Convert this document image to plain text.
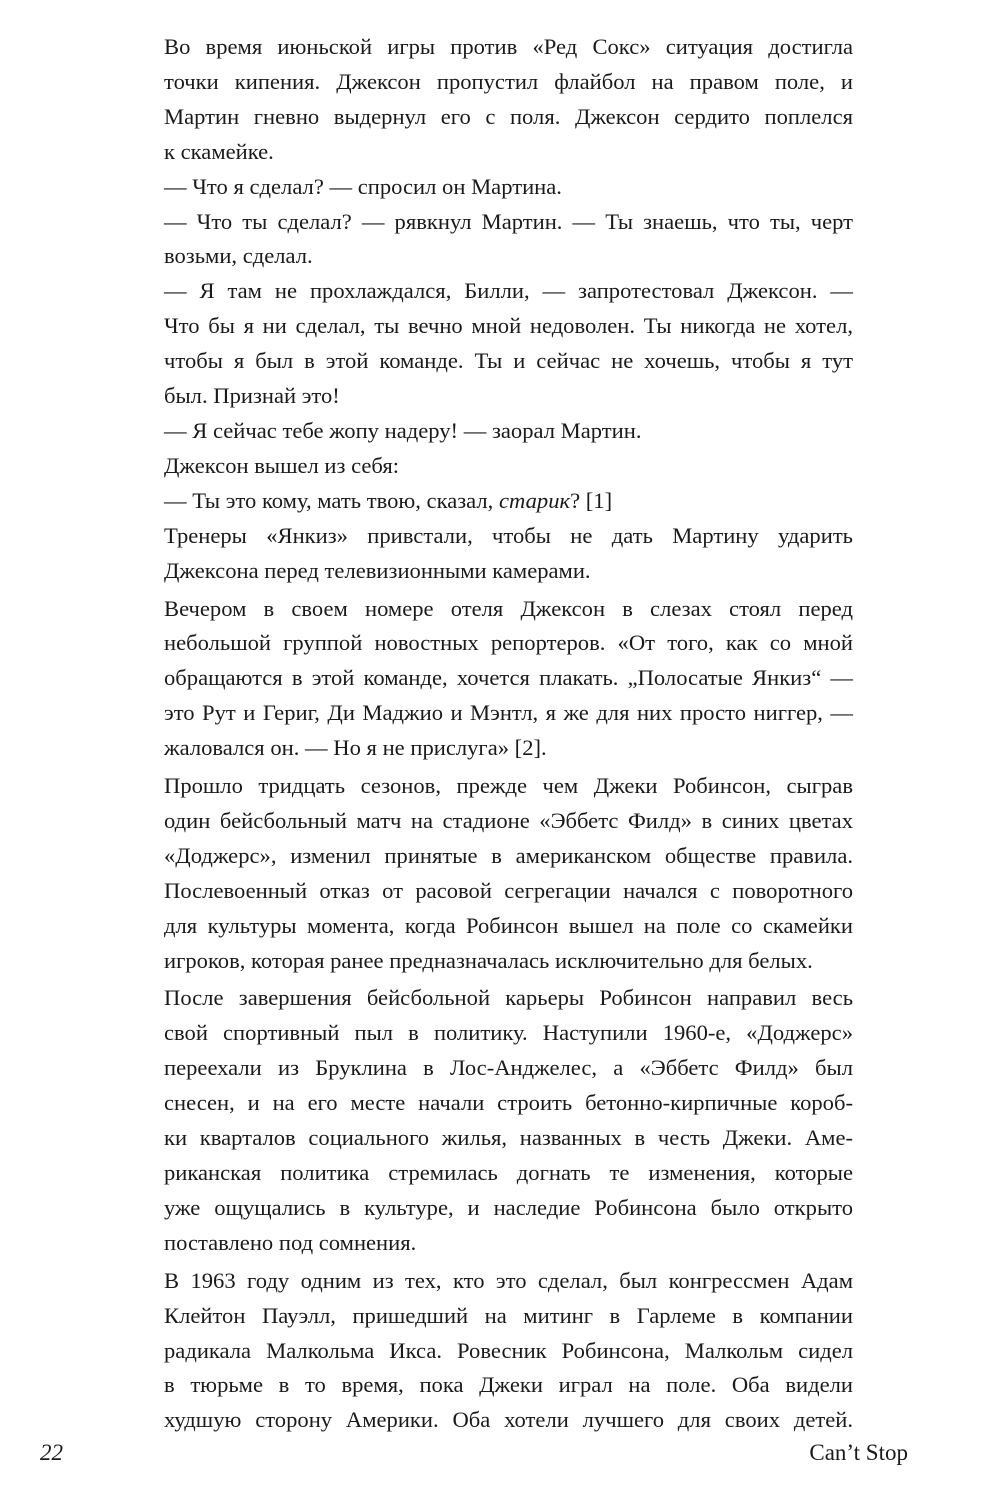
Во время июньской игры против «Ред Сокс» ситуация достигла
точки кипения. Джексон пропустил флайбол на правом поле, и
Мартин гневно выдернул его с поля. Джексон сердито поплелся
к скамейке.

— Что я сделал? — спросил он Мартина.

— Что ты сделал? — рявкнул Мартин. — Ты знаешь, что ты, черт
возьми, сделал.

— Я там не прохлаждался, Билли, — запротестовал Джексон. —
Что бы я ни сделал, ты вечно мной недоволен. Ты никогда не хотел,
чтобы я был в этой команде. Ты и сейчас не хочешь, чтобы я тут
был. Признай это!

— Я сейчас тебе жопу надеру! — заорал Мартин.

Джексон вышел из себя:

— Ты это кому, мать твою, сказал, старик? [1]

Тренеры «Янкиз» привстали, чтобы не дать Мартину ударить
Джексона перед телевизионными камерами.

Вечером в своем номере отеля Джексон в слезах стоял перед
небольшой группой новостных репортеров. «От того, как со мной
обращаются в этой команде, хочется плакать. „Полосатые Янкиз“ —
это Рут и Гериг, Ди Маджио и Мэнтл, я же для них просто ниггер, —
жаловался он. — Но я не прислуга» [2].

Прошло тридцать сезонов, прежде чем Джеки Робинсон, сыграв
один бейсбольный матч на стадионе «Эббетс Филд» в синих цветах
«Доджерс», изменил принятые в американском обществе правила.
Послевоенный отказ от расовой сегрегации начался с поворотного
для культуры момента, когда Робинсон вышел на поле со скамейки
игроков, которая ранее предназначалась исключительно для белых.

После завершения бейсбольной карьеры Робинсон направил весь
свой спортивный пыл в политику. Наступили 1960-е, «Доджерс»
переехали из Бруклина в Лос-Анджелес, а «Эббетс Филд» был
снесен, и на его месте начали строить бетонно-кирпичные короб-
ки кварталов социального жилья, названных в честь Джеки. Аме-
риканская политика стремилась догнать те изменения, которые
уже ощущались в культуре, и наследие Робинсона было открыто
поставлено под сомнения.

В 1963 году одним из тех, кто это сделал, был конгрессмен Адам
Клейтон Пауэлл, пришедший на митинг в Гарлеме в компании
радикала Малкольма Икса. Ровесник Робинсона, Малкольм сидел
в тюрьме в то время, пока Джеки играл на поле. Оба видели
худшую сторону Америки. Оба хотели лучшего для своих детей.

22	Can’t Stop
